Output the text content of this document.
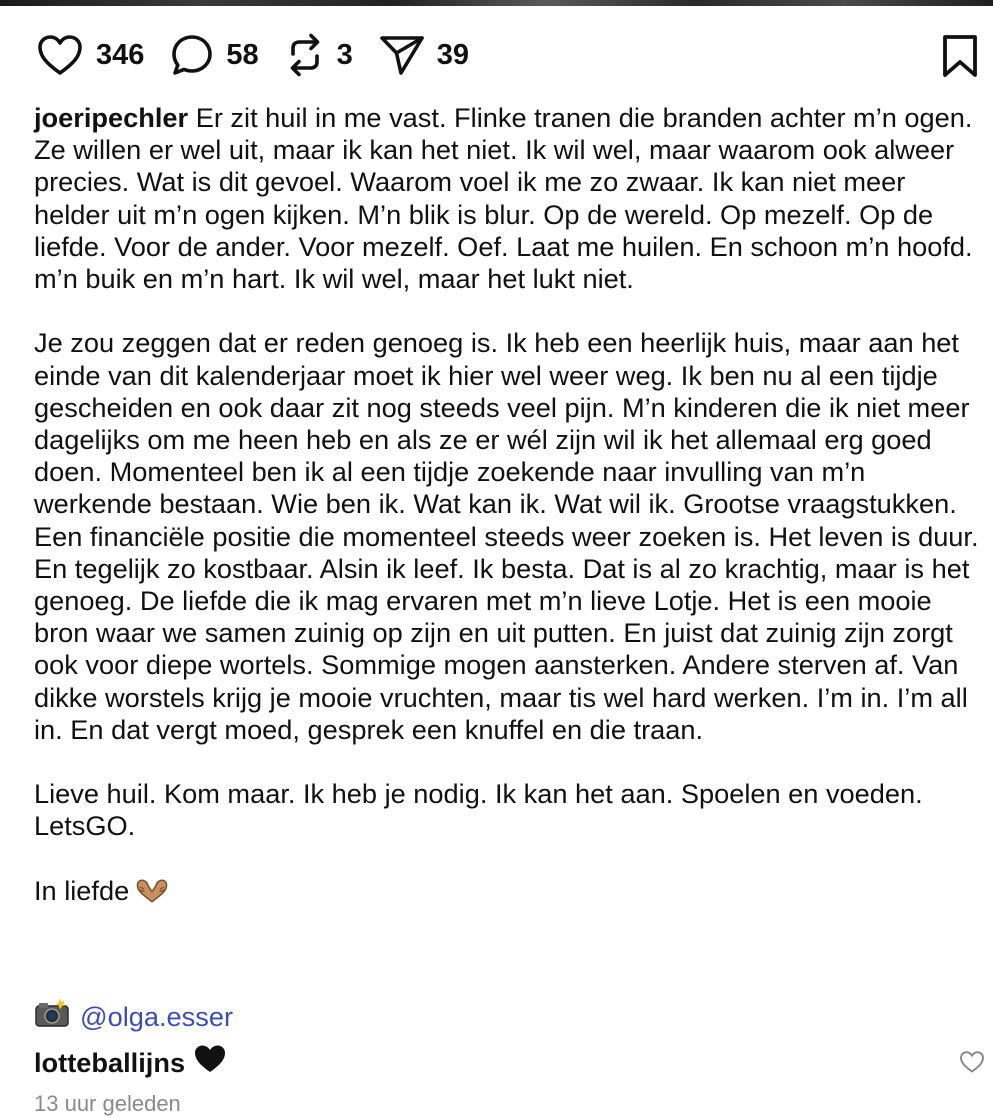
346	58	3	39

joeripechler Er zit huil in me vast. Flinke tranen die branden achter m’n ogen. Ze willen er wel uit, maar ik kan het niet. Ik wil wel, maar waarom ook alweer precies. Wat is dit gevoel. Waarom voel ik me zo zwaar. Ik kan niet meer helder uit m’n ogen kijken. M’n blik is blur. Op de wereld. Op mezelf. Op de liefde. Voor de ander. Voor mezelf. Oef. Laat me huilen. En schoon m’n hoofd. m’n buik en m’n hart. Ik wil wel, maar het lukt niet.

Je zou zeggen dat er reden genoeg is. Ik heb een heerlijk huis, maar aan het einde van dit kalenderjaar moet ik hier wel weer weg. Ik ben nu al een tijdje gescheiden en ook daar zit nog steeds veel pijn. M’n kinderen die ik niet meer dagelijks om me heen heb en als ze er wél zijn wil ik het allemaal erg goed doen. Momenteel ben ik al een tijdje zoekende naar invulling van m’n werkende bestaan. Wie ben ik. Wat kan ik. Wat wil ik. Grootse vraagstukken. Een financiële positie die momenteel steeds weer zoeken is. Het leven is duur. En tegelijk zo kostbaar. Alsin ik leef. Ik besta. Dat is al zo krachtig, maar is het genoeg. De liefde die ik mag ervaren met m’n lieve Lotje. Het is een mooie bron waar we samen zuinig op zijn en uit putten. En juist dat zuinig zijn zorgt ook voor diepe wortels. Sommige mogen aansterken. Andere sterven af. Van dikke worstels krijg je mooie vruchten, maar tis wel hard werken. I’m in. I’m all in. En dat vergt moed, gesprek een knuffel en die traan.

Lieve huil. Kom maar. Ik heb je nodig. Ik kan het aan. Spoelen en voeden. LetsGO.

In liefde

@olga.esser
lotteballijns
13 uur geleden
